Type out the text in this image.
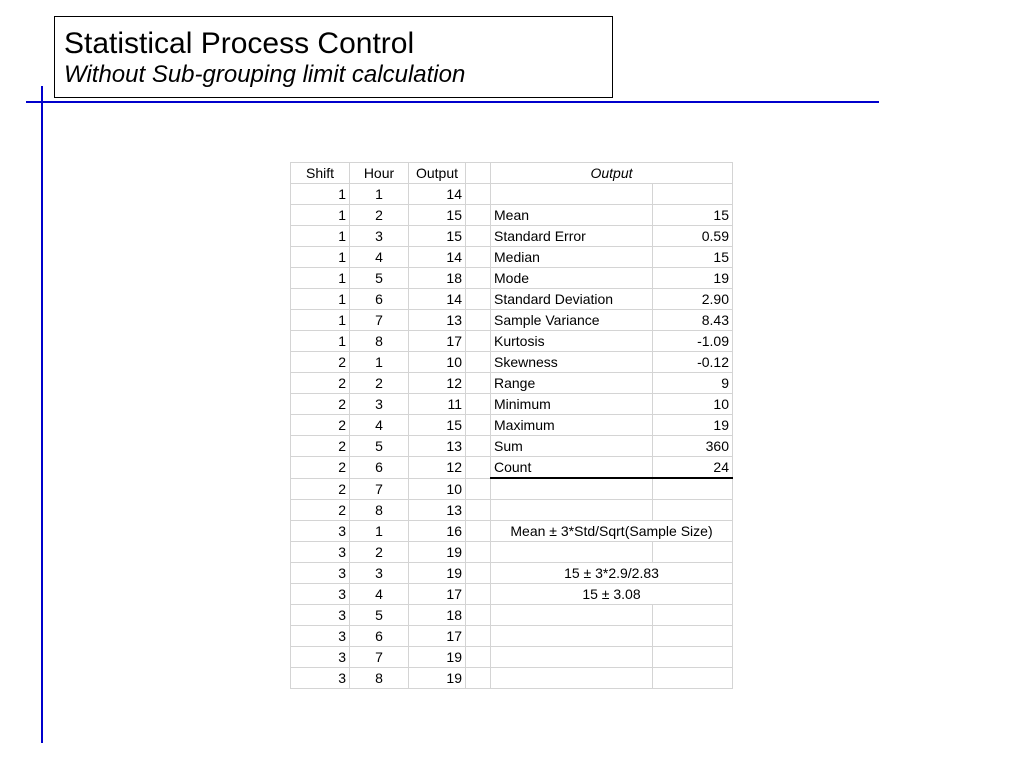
Statistical Process Control
Without Sub-grouping limit calculation
Shift	Hour	Output		Output	
1	1	14			
1	2	15		Mean	15
1	3	15		Standard Error	0.59
1	4	14		Median	15
1	5	18		Mode	19
1	6	14		Standard Deviation	2.90
1	7	13		Sample Variance	8.43
1	8	17		Kurtosis	-1.09
2	1	10		Skewness	-0.12
2	2	12		Range	9
2	3	11		Minimum	10
2	4	15		Maximum	19
2	5	13		Sum	360
2	6	12		Count	24
2	7	10			
2	8	13			
3	1	16		Mean ± 3*Std/Sqrt(Sample Size)	
3	2	19			
3	3	19		15 ± 3*2.9/2.83	
3	4	17		15 ± 3.08	
3	5	18			
3	6	17			
3	7	19			
3	8	19			
